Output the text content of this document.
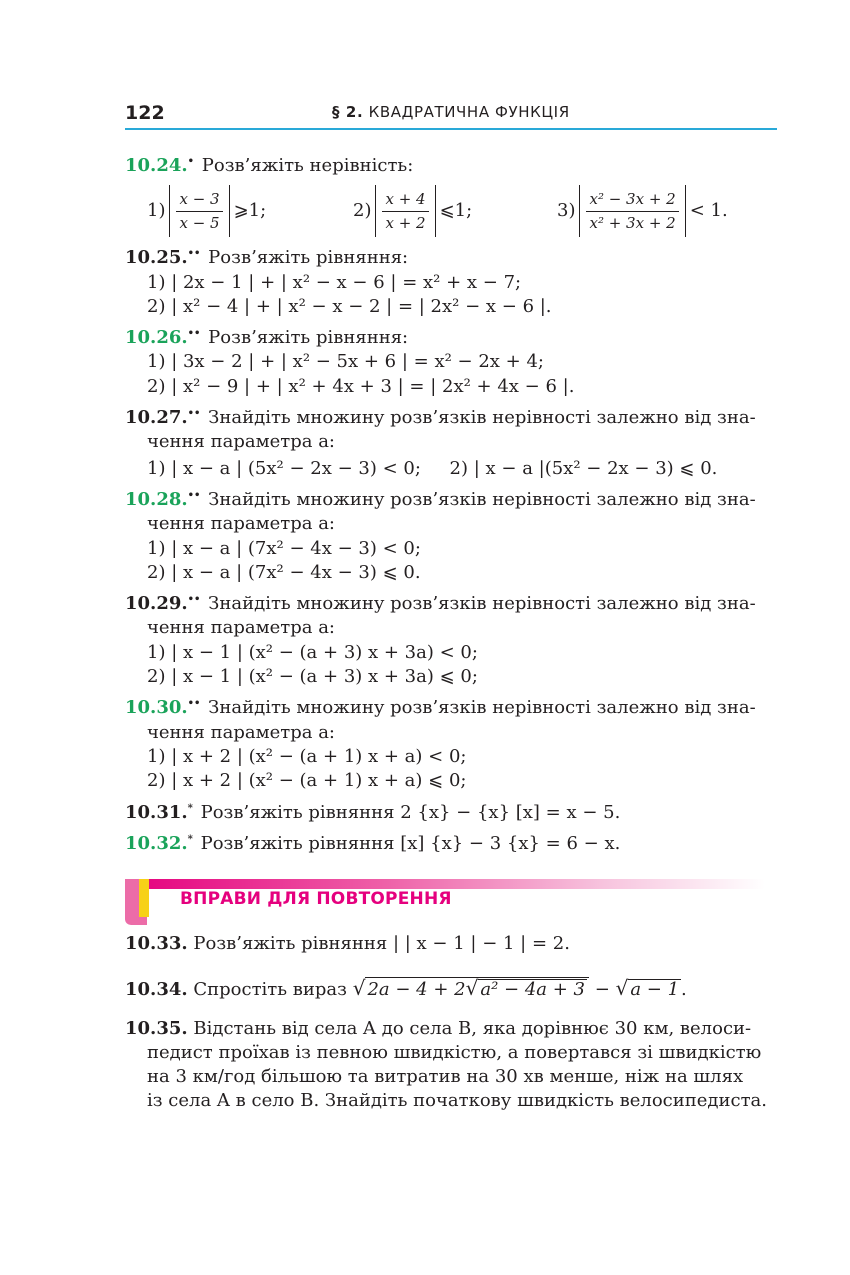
122	§ 2. КВАДРАТИЧНА ФУНКЦІЯ
10.24.• Розв’яжіть нерівність:
$1) \frac{x - 3}{x - 5}$ ⩾1;	$2) \frac{x + 4}{x + 2}$ ⩽1;	$3) \frac{\text{x² − 3x + 2}}{\text{x² + 3x + 2}} < 1$.
10.25.•• Розв’яжіть рівняння:
1) | 2x − 1 | + | x² − x − 6 | = x² + x − 7;
2) | x² − 4 | + | x² − x − 2 | = | 2x² − x − 6 |.
10.26.•• Розв’яжіть рівняння:
1) | 3x − 2 | + | x² − 5x + 6 | = x² − 2x + 4;
2) | x² − 9 | + | x² + 4x + 3 | = | 2x² + 4x − 6 |.
10.27.•• Знайдіть множину розв’язків нерівності залежно від зна-
чення параметра a:
1) | x − a | (5x² − 2x − 3) < 0; 2) | x − a |(5x² − 2x − 3) ⩽ 0.
10.28.•• Знайдіть множину розв’язків нерівності залежно від зна-
чення параметра a:
1) | x − a | (7x² − 4x − 3) < 0;
2) | x − a | (7x² − 4x − 3) ⩽ 0.
10.29.•• Знайдіть множину розв’язків нерівності залежно від зна-
чення параметра a:
1) | x − 1 | (x² − (a + 3) x + 3a) < 0;
2) | x − 1 | (x² − (a + 3) x + 3a) ⩽ 0;
10.30.•• Знайдіть множину розв’язків нерівності залежно від зна-
чення параметра a:
1) | x + 2 | (x² − (a + 1) x + a) < 0;
2) | x + 2 | (x² − (a + 1) x + a) ⩽ 0;
10.31.* Розв’яжіть рівняння 2 {x} − {x} [x] = x − 5.
10.32.* Розв’яжіть рівняння [x] {x} − 3 {x} = 6 − x.
ВПРАВИ ДЛЯ ПОВТОРЕННЯ
10.33. Розв’яжіть рівняння | | x − 1 | − 1 | = 2.
10.34. Спростіть вираз √ 2a − 4 + 2√ a² − 4a + 3 − √ a − 1 .
10.35. Відстань від села A до села B, яка дорівнює 30 км, велоси-
педист проїхав із певною швидкістю, а повертався зі швидкістю
на 3 км/год більшою та витратив на 30 хв менше, ніж на шлях
із села A в село B. Знайдіть початкову швидкість велосипедиста.
